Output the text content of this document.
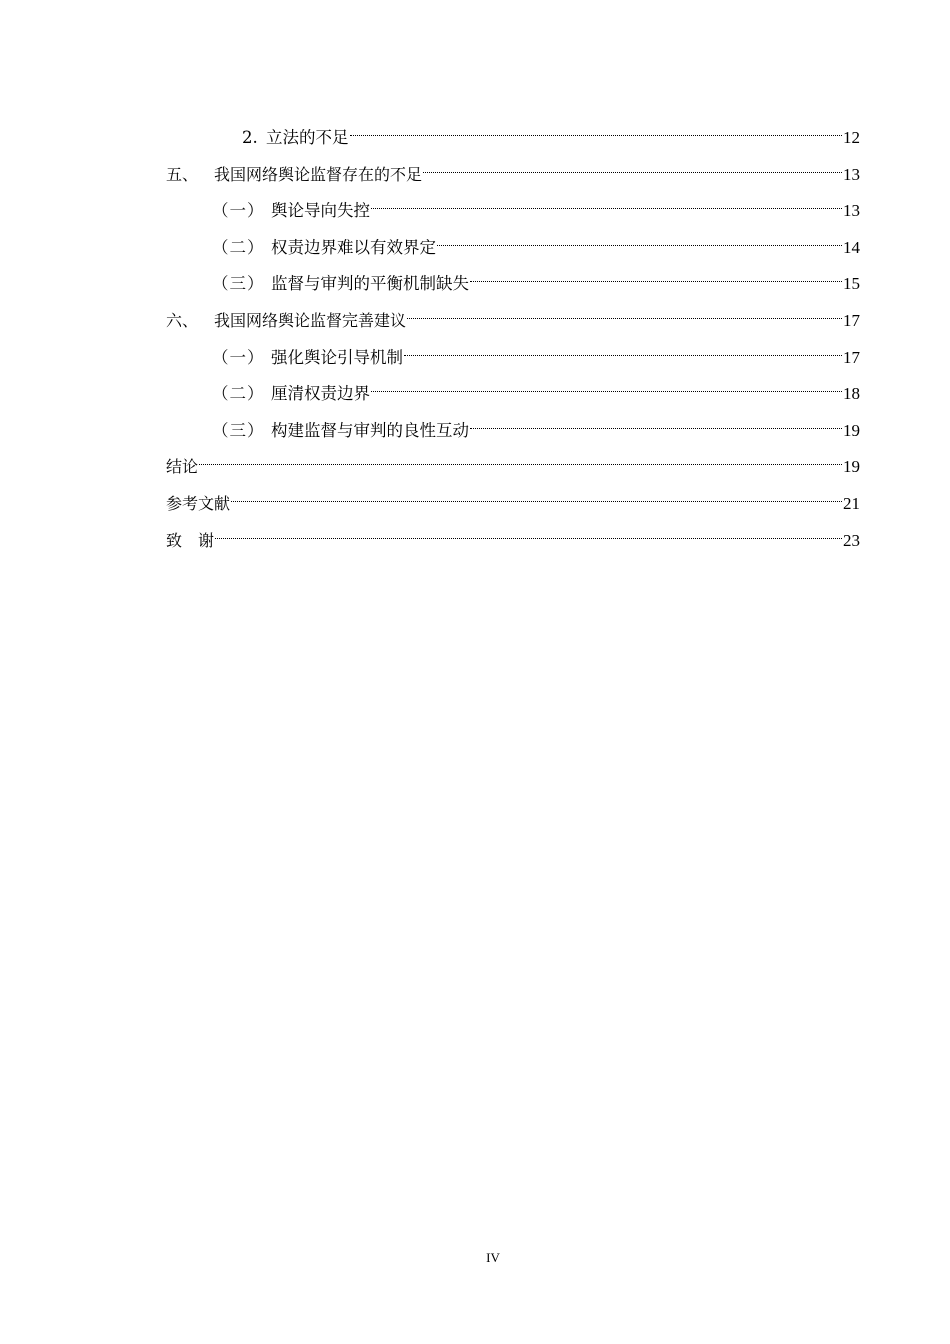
2. 立法的不足	12
五、 我国网络舆论监督存在的不足	13
（一） 舆论导向失控	13
（二） 权责边界难以有效界定	14
（三） 监督与审判的平衡机制缺失	15
六、 我国网络舆论监督完善建议	17
（一） 强化舆论引导机制	17
（二） 厘清权责边界	18
（三） 构建监督与审判的良性互动	19
结论	19
参考文献	21
致　谢	23
IV
